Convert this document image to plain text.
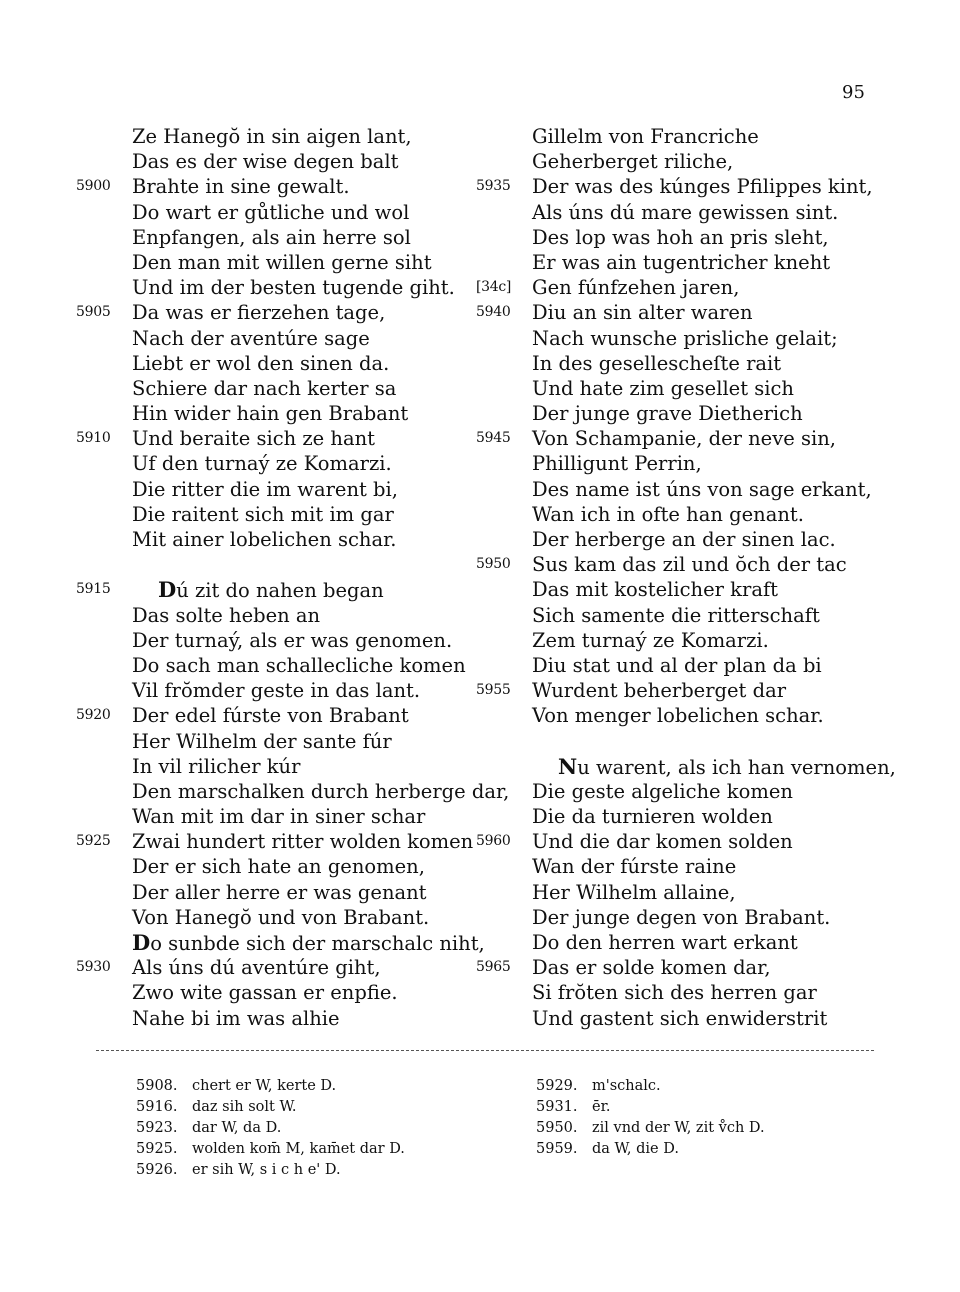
95
Ze Hanegŏ in sin aigen lant,
Das es der wise degen balt
5900	Brahte in sine gewalt.
Do wart er gůtliche und wol
Enpfangen, als ain herre sol
Den man mit willen gerne siht
Und im der besten tugende giht.
5905	Da was er fierzehen tage,
Nach der aventúre sage
Liebt er wol den sinen da.
Schiere dar nach kerter sa
Hin wider hain gen Brabant
5910	Und beraite sich ze hant
Uf den turnaý ze Komarzi.
Die ritter die im warent bi,
Die raitent sich mit im gar
Mit ainer lobelichen schar.
5915	Dú zit do nahen began
Das solte heben an
Der turnaý, als er was genomen.
Do sach man schallecliche komen
Vil frŏmder geste in das lant.
5920	Der edel fúrste von Brabant
Her Wilhelm der sante fúr
In vil rilicher kúr
Den marschalken durch herberge dar,
Wan mit im dar in siner schar
5925	Zwai hundert ritter wolden komen
Der er sich hate an genomen,
Der aller herre er was genant
Von Hanegŏ und von Brabant.
Do sunbde sich der marschalc niht,
5930	Als úns dú aventúre giht,
Zwo wite gassan er enpfie.
Nahe bi im was alhie
Gillelm von Francriche
Geherberget riliche,
5935	Der was des kúnges Pfilippes kint,
Als úns dú mare gewissen sint.
Des lop was hoh an pris sleht,
Er was ain tugentricher kneht
[34c]	Gen fúnfzehen jaren,
5940	Diu an sin alter waren
Nach wunsche prisliche gelait;
In des gesellescheſte rait
Und hate zim gesellet sich
Der junge grave Dietherich
5945	Von Schampanie, der neve sin,
Philligunt Perrin,
Des name ist úns von sage erkant,
Wan ich in ofte han genant.
Der herberge an der sinen lac.
5950	Sus kam das zil und ŏch der tac
Das mit kostelicher kraft
Sich samente die ritterschaft
Zem turnaý ze Komarzi.
Diu stat und al der plan da bi
5955	Wurdent beherberget dar
Von menger lobelichen schar.
Nu warent, als ich han vernomen,
Die geste algeliche komen
Die da turnieren wolden
5960	Und die dar komen solden
Wan der fúrste raine
Her Wilhelm allaine,
Der junge degen von Brabant.
Do den herren wart erkant
5965	Das er solde komen dar,
Si frŏten sich des herren gar
Und gastent sich enwiderstrit
5908. chert er W, kerte D.
5916. daz sih solt W.
5923. dar W, da D.
5925. wolden kom̄ M, kam̄et dar D.
5926. er sih W, s i c h e' D.
5929. m'schalc.
5931. ēr.
5950. zil vnd der W, zit v̊ch D.
5959. da W, die D.
